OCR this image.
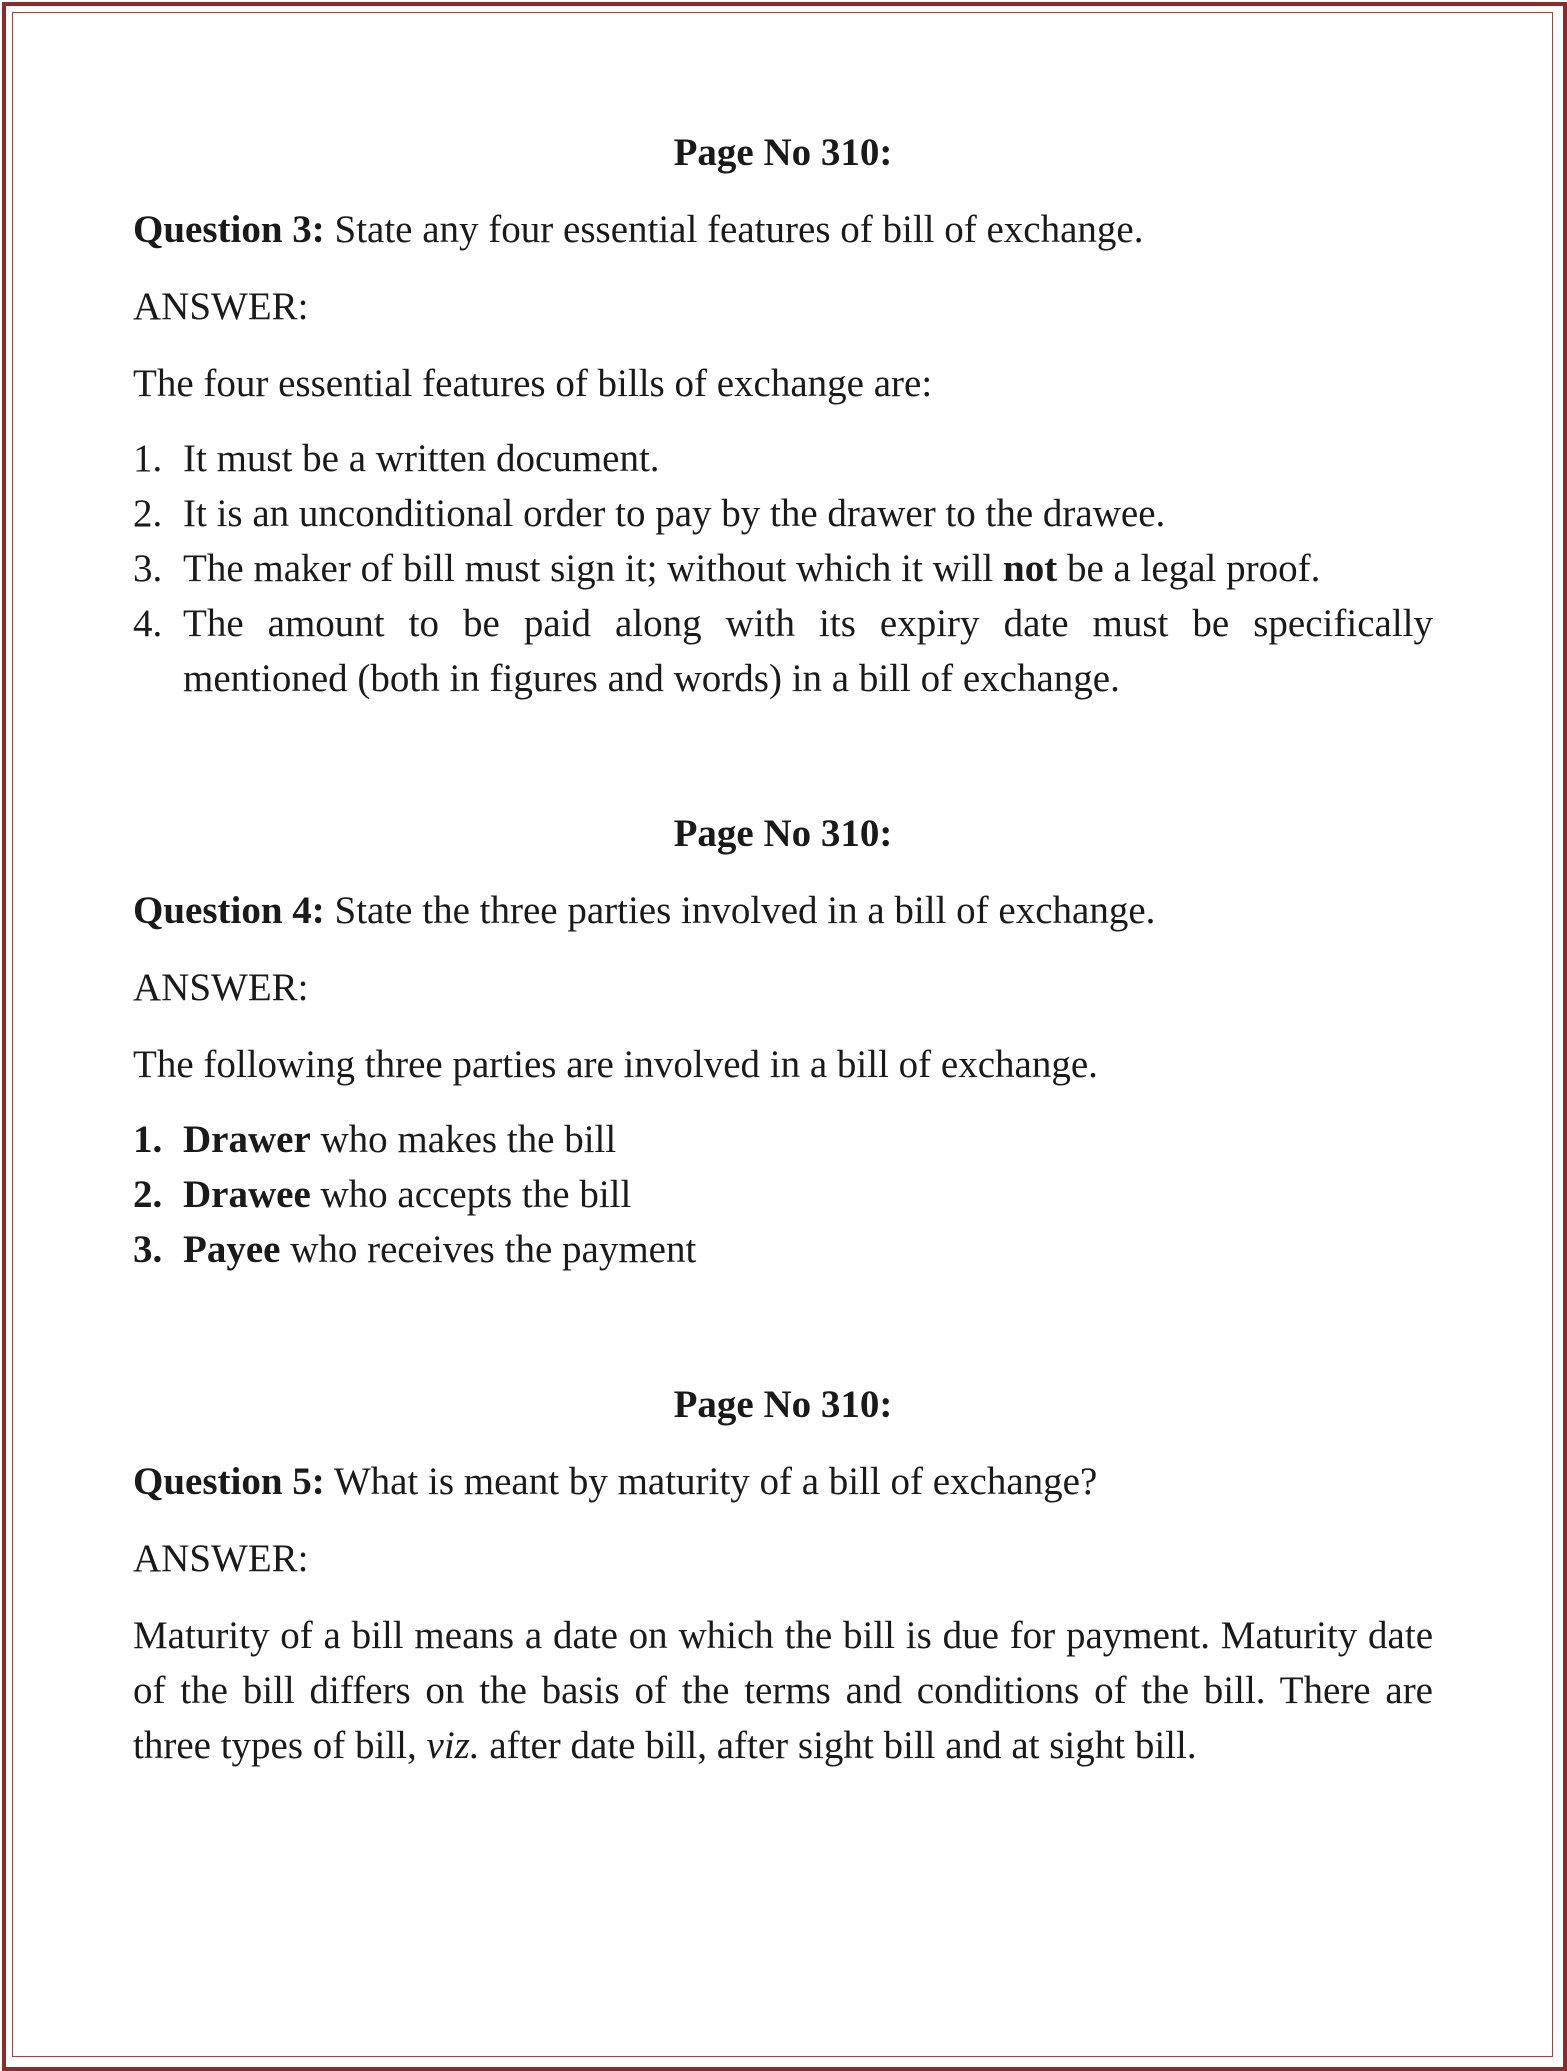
Page No 310:
Question 3: State any four essential features of bill of exchange.
ANSWER:
The four essential features of bills of exchange are:
1. It must be a written document.
2. It is an unconditional order to pay by the drawer to the drawee.
3. The maker of bill must sign it; without which it will not be a legal proof.
4. The amount to be paid along with its expiry date must be specifically mentioned (both in figures and words) in a bill of exchange.
Page No 310:
Question 4: State the three parties involved in a bill of exchange.
ANSWER:
The following three parties are involved in a bill of exchange.
1. Drawer who makes the bill
2. Drawee who accepts the bill
3. Payee who receives the payment
Page No 310:
Question 5: What is meant by maturity of a bill of exchange?
ANSWER:

Maturity of a bill means a date on which the bill is due for payment. Maturity date of the bill differs on the basis of the terms and conditions of the bill. There are three types of bill, viz. after date bill, after sight bill and at sight bill.
